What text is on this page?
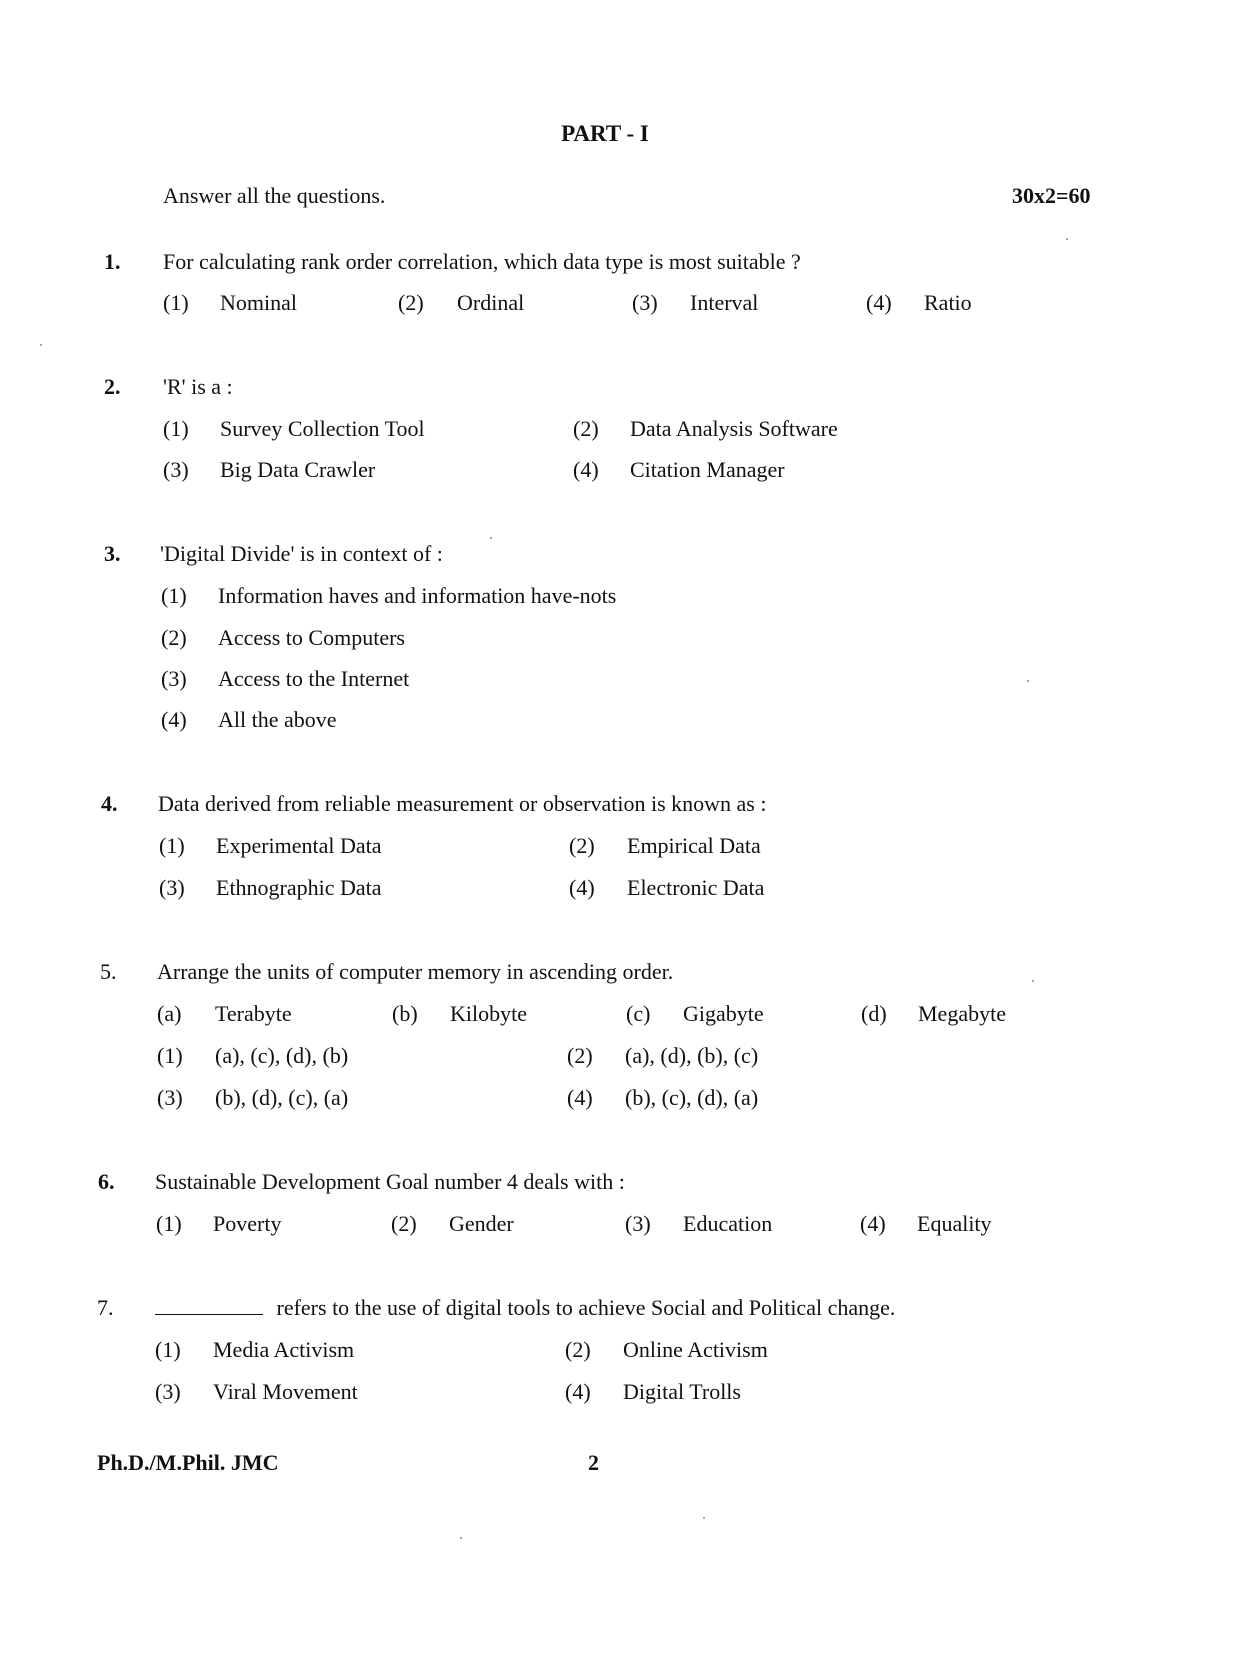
PART - I
Answer all the questions.	30x2=60
1. For calculating rank order correlation, which data type is most suitable ?
(1) Nominal	(2) Ordinal	(3) Interval	(4) Ratio
2. 'R' is a :
(1) Survey Collection Tool	(2) Data Analysis Software
(3) Big Data Crawler	(4) Citation Manager
3. 'Digital Divide' is in context of :
(1) Information haves and information have-nots
(2) Access to Computers
(3) Access to the Internet
(4) All the above
4. Data derived from reliable measurement or observation is known as :
(1) Experimental Data	(2) Empirical Data
(3) Ethnographic Data	(4) Electronic Data
5. Arrange the units of computer memory in ascending order.
(a) Terabyte	(b) Kilobyte	(c) Gigabyte	(d) Megabyte
(1) (a), (c), (d), (b)	(2) (a), (d), (b), (c)
(3) (b), (d), (c), (a)	(4) (b), (c), (d), (a)
6. Sustainable Development Goal number 4 deals with :
(1) Poverty	(2) Gender	(3) Education	(4) Equality
7.	refers to the use of digital tools to achieve Social and Political change.
(1) Media Activism	(2) Online Activism
(3) Viral Movement	(4) Digital Trolls
Ph.D./M.Phil. JMC	2
